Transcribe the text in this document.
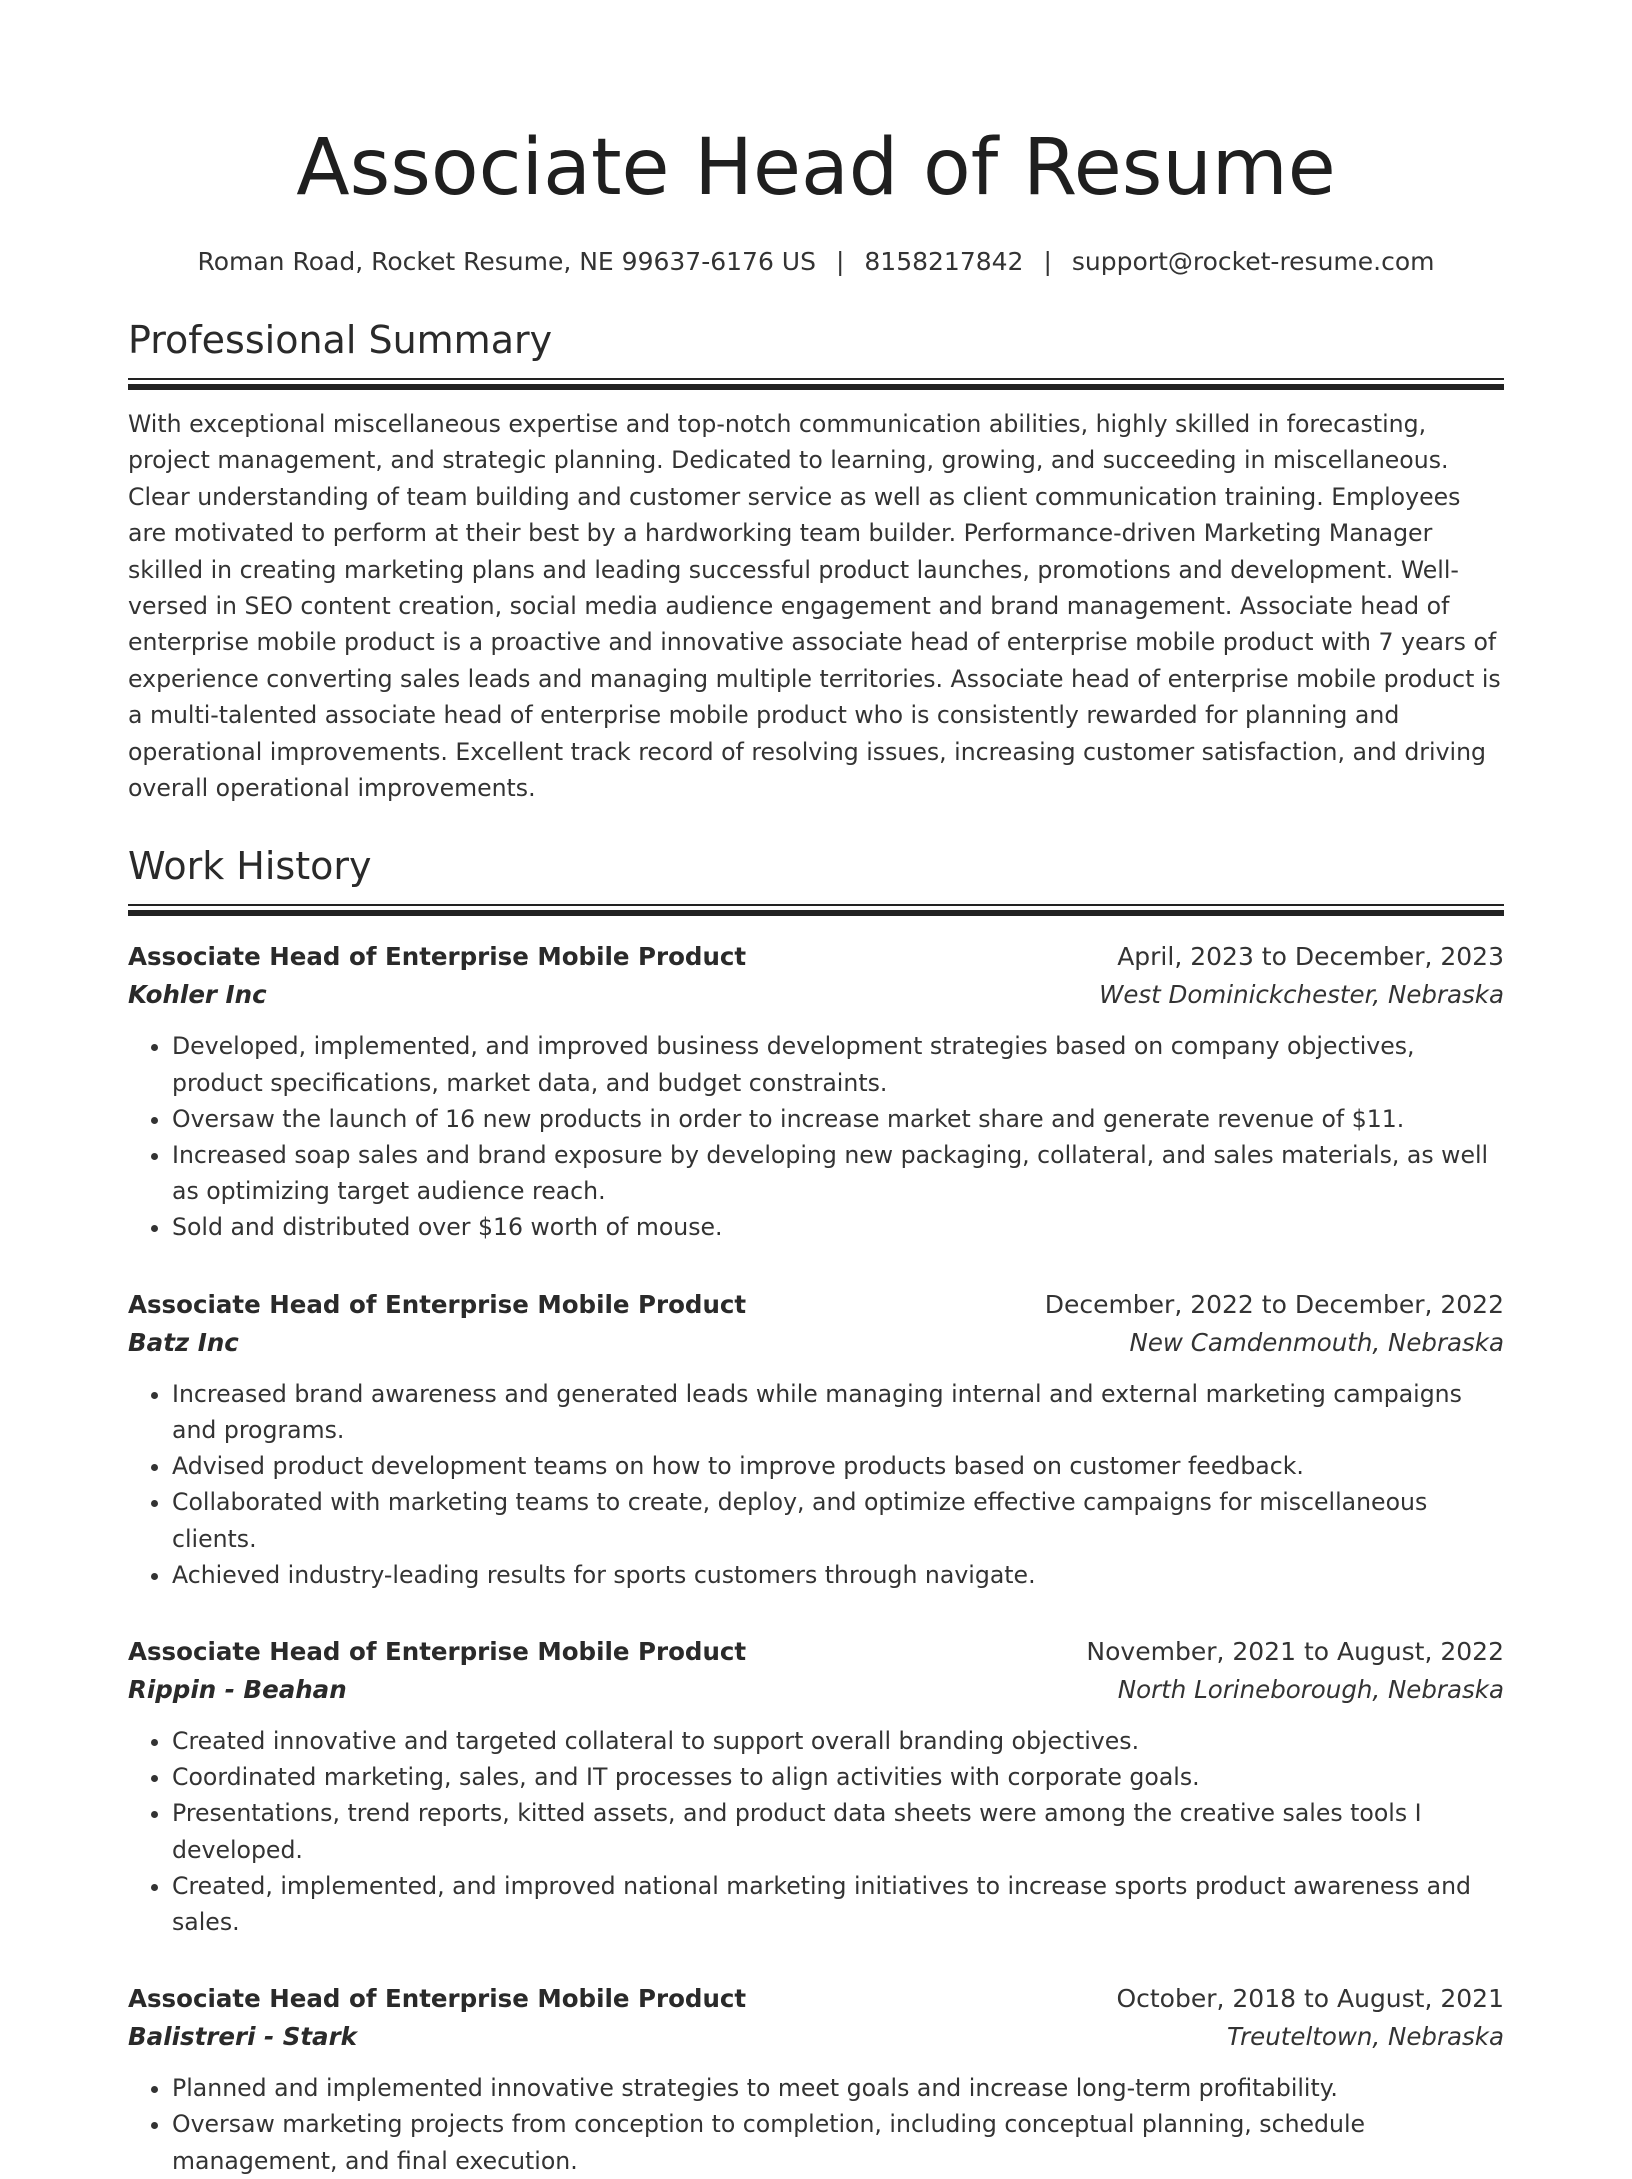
Associate Head of Resume
Roman Road, Rocket Resume, NE 99637-6176 US | 8158217842 | support@rocket-resume.com
Professional Summary

With exceptional miscellaneous expertise and top-notch communication abilities, highly skilled in forecasting, project management, and strategic planning. Dedicated to learning, growing, and succeeding in miscellaneous. Clear understanding of team building and customer service as well as client communication training. Employees are motivated to perform at their best by a hardworking team builder. Performance-driven Marketing Manager skilled in creating marketing plans and leading successful product launches, promotions and development. Well-versed in SEO content creation, social media audience engagement and brand management. Associate head of enterprise mobile product is a proactive and innovative associate head of enterprise mobile product with 7 years of experience converting sales leads and managing multiple territories. Associate head of enterprise mobile product is a multi-talented associate head of enterprise mobile product who is consistently rewarded for planning and operational improvements. Excellent track record of resolving issues, increasing customer satisfaction, and driving overall operational improvements.

Work History
Associate Head of Enterprise Mobile Product	April, 2023 to December, 2023
Kohler Inc	West Dominickchester, Nebraska
• Developed, implemented, and improved business development strategies based on company objectives, product specifications, market data, and budget constraints.
• Oversaw the launch of 16 new products in order to increase market share and generate revenue of $11.
• Increased soap sales and brand exposure by developing new packaging, collateral, and sales materials, as well as optimizing target audience reach.
• Sold and distributed over $16 worth of mouse.
Associate Head of Enterprise Mobile Product	December, 2022 to December, 2022
Batz Inc	New Camdenmouth, Nebraska
• Increased brand awareness and generated leads while managing internal and external marketing campaigns and programs.
• Advised product development teams on how to improve products based on customer feedback.
• Collaborated with marketing teams to create, deploy, and optimize effective campaigns for miscellaneous clients.
• Achieved industry-leading results for sports customers through navigate.
Associate Head of Enterprise Mobile Product	November, 2021 to August, 2022
Rippin - Beahan	North Lorineborough, Nebraska
• Created innovative and targeted collateral to support overall branding objectives.
• Coordinated marketing, sales, and IT processes to align activities with corporate goals.
• Presentations, trend reports, kitted assets, and product data sheets were among the creative sales tools I developed.
• Created, implemented, and improved national marketing initiatives to increase sports product awareness and sales.
Associate Head of Enterprise Mobile Product	October, 2018 to August, 2021
Balistreri - Stark	Treuteltown, Nebraska
• Planned and implemented innovative strategies to meet goals and increase long-term profitability.
• Oversaw marketing projects from conception to completion, including conceptual planning, schedule management, and final execution.
